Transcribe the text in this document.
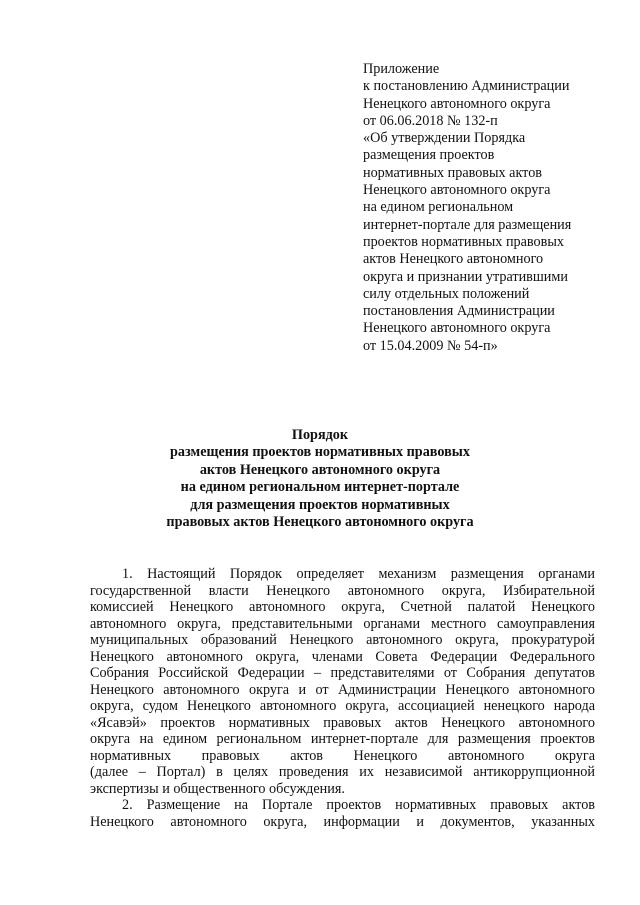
Приложение
к постановлению Администрации
Ненецкого автономного округа
от 06.06.2018 № 132-п
«Об утверждении Порядка
размещения проектов
нормативных правовых актов
Ненецкого автономного округа
на едином региональном
интернет-портале для размещения
проектов нормативных правовых
актов Ненецкого автономного
округа и признании утратившими
силу отдельных положений
постановления Администрации
Ненецкого автономного округа
от 15.04.2009 № 54-п»
Порядок
размещения проектов нормативных правовых
актов Ненецкого автономного округа
на едином региональном интернет-портале
для размещения проектов нормативных
правовых актов Ненецкого автономного округа

1. Настоящий Порядок определяет механизм размещения органами
государственной власти Ненецкого автономного округа, Избирательной
комиссией Ненецкого автономного округа, Счетной палатой Ненецкого
автономного округа, представительными органами местного самоуправления
муниципальных образований Ненецкого автономного округа, прокуратурой
Ненецкого автономного округа, членами Совета Федерации Федерального
Собрания Российской Федерации – представителями от Собрания депутатов
Ненецкого автономного округа и от Администрации Ненецкого автономного
округа, судом Ненецкого автономного округа, ассоциацией ненецкого народа
«Ясавэй» проектов нормативных правовых актов Ненецкого автономного
округа на едином региональном интернет-портале для размещения проектов
нормативных правовых актов Ненецкого автономного округа
(далее – Портал) в целях проведения их независимой антикоррупционной
экспертизы и общественного обсуждения.

2. Размещение на Портале проектов нормативных правовых актов
Ненецкого автономного округа, информации и документов, указанных
